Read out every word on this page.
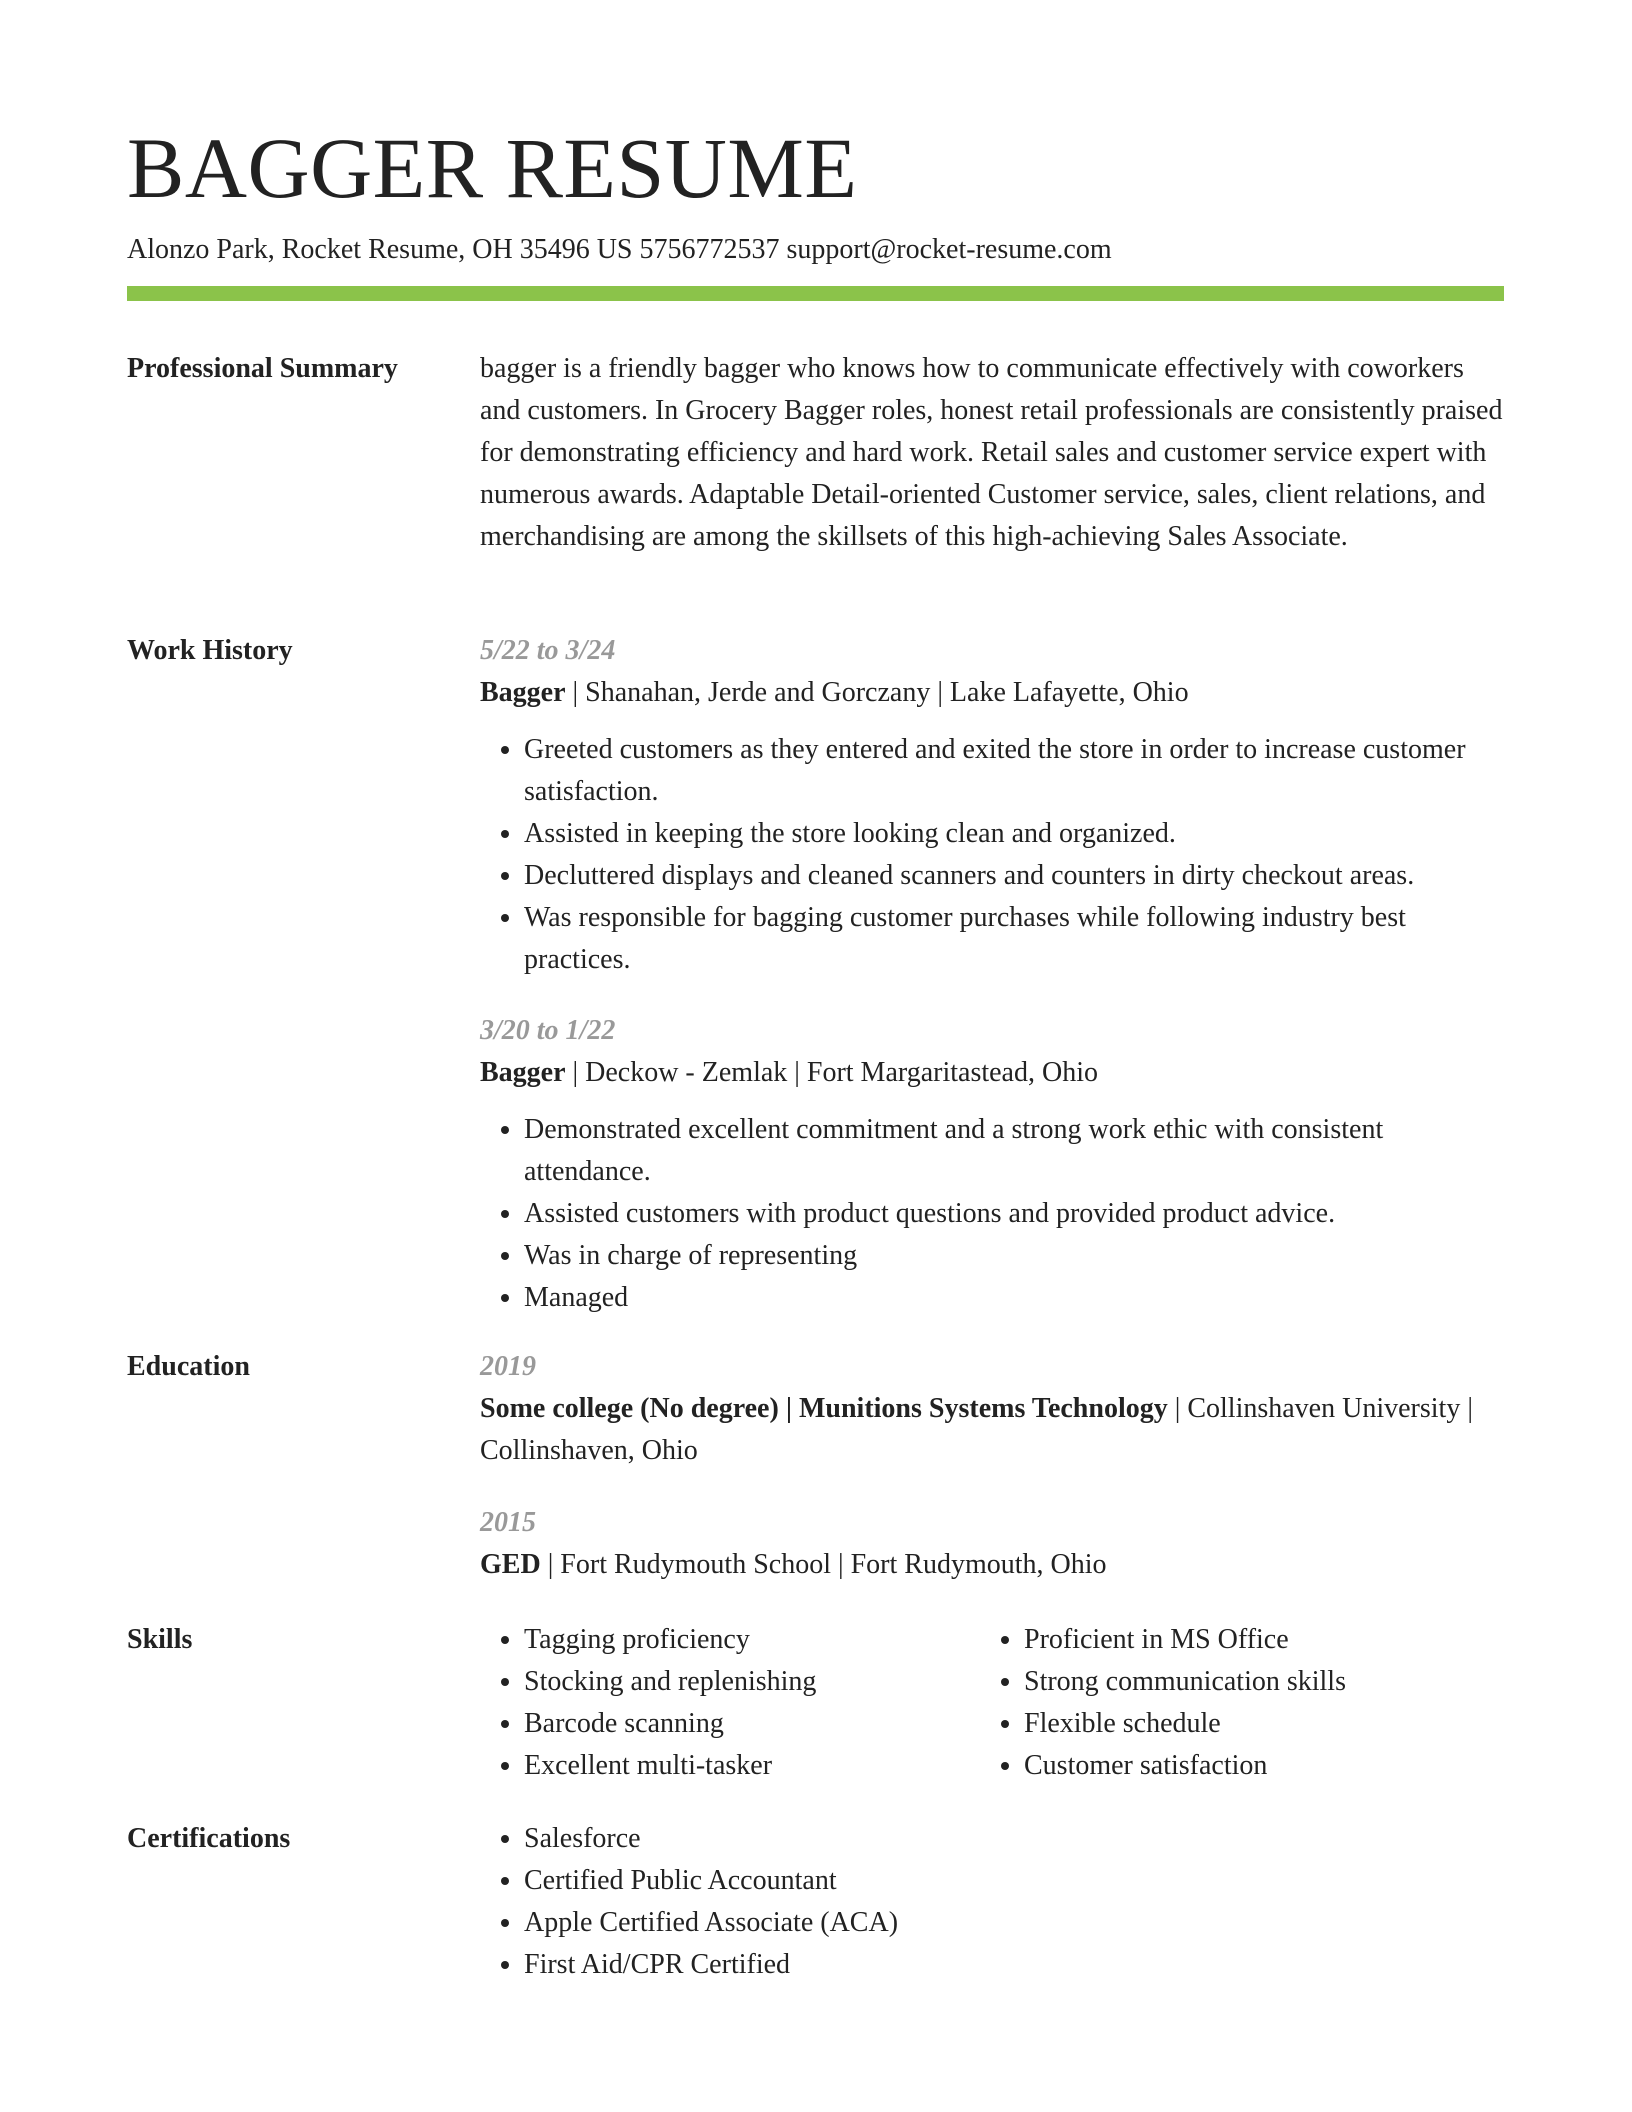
BAGGER RESUME
Alonzo Park, Rocket Resume, OH 35496 US 5756772537 support@rocket-resume.com
Professional Summary	bagger is a friendly bagger who knows how to communicate effectively with coworkers and customers. In Grocery Bagger roles, honest retail professionals are consistently praised for demonstrating efficiency and hard work. Retail sales and customer service expert with numerous awards. Adaptable Detail-oriented Customer service, sales, client relations, and merchandising are among the skillsets of this high-achieving Sales Associate.

Work History	5/22 to 3/24
Bagger | Shanahan, Jerde and Gorczany | Lake Lafayette, Ohio
• Greeted customers as they entered and exited the store in order to increase customer satisfaction.
• Assisted in keeping the store looking clean and organized.
• Decluttered displays and cleaned scanners and counters in dirty checkout areas.
• Was responsible for bagging customer purchases while following industry best practices.
3/20 to 1/22
Bagger | Deckow - Zemlak | Fort Margaritastead, Ohio
• Demonstrated excellent commitment and a strong work ethic with consistent attendance.
• Assisted customers with product questions and provided product advice.
• Was in charge of representing
• Managed
Education	2019
Some college (No degree) | Munitions Systems Technology | Collinshaven University | Collinshaven, Ohio
2015
GED | Fort Rudymouth School | Fort Rudymouth, Ohio
Skills	• Tagging proficiency
• Stocking and replenishing
• Barcode scanning
• Excellent multi-tasker
• Proficient in MS Office
• Strong communication skills
• Flexible schedule
• Customer satisfaction
Certifications	• Salesforce
• Certified Public Accountant
• Apple Certified Associate (ACA)
• First Aid/CPR Certified
